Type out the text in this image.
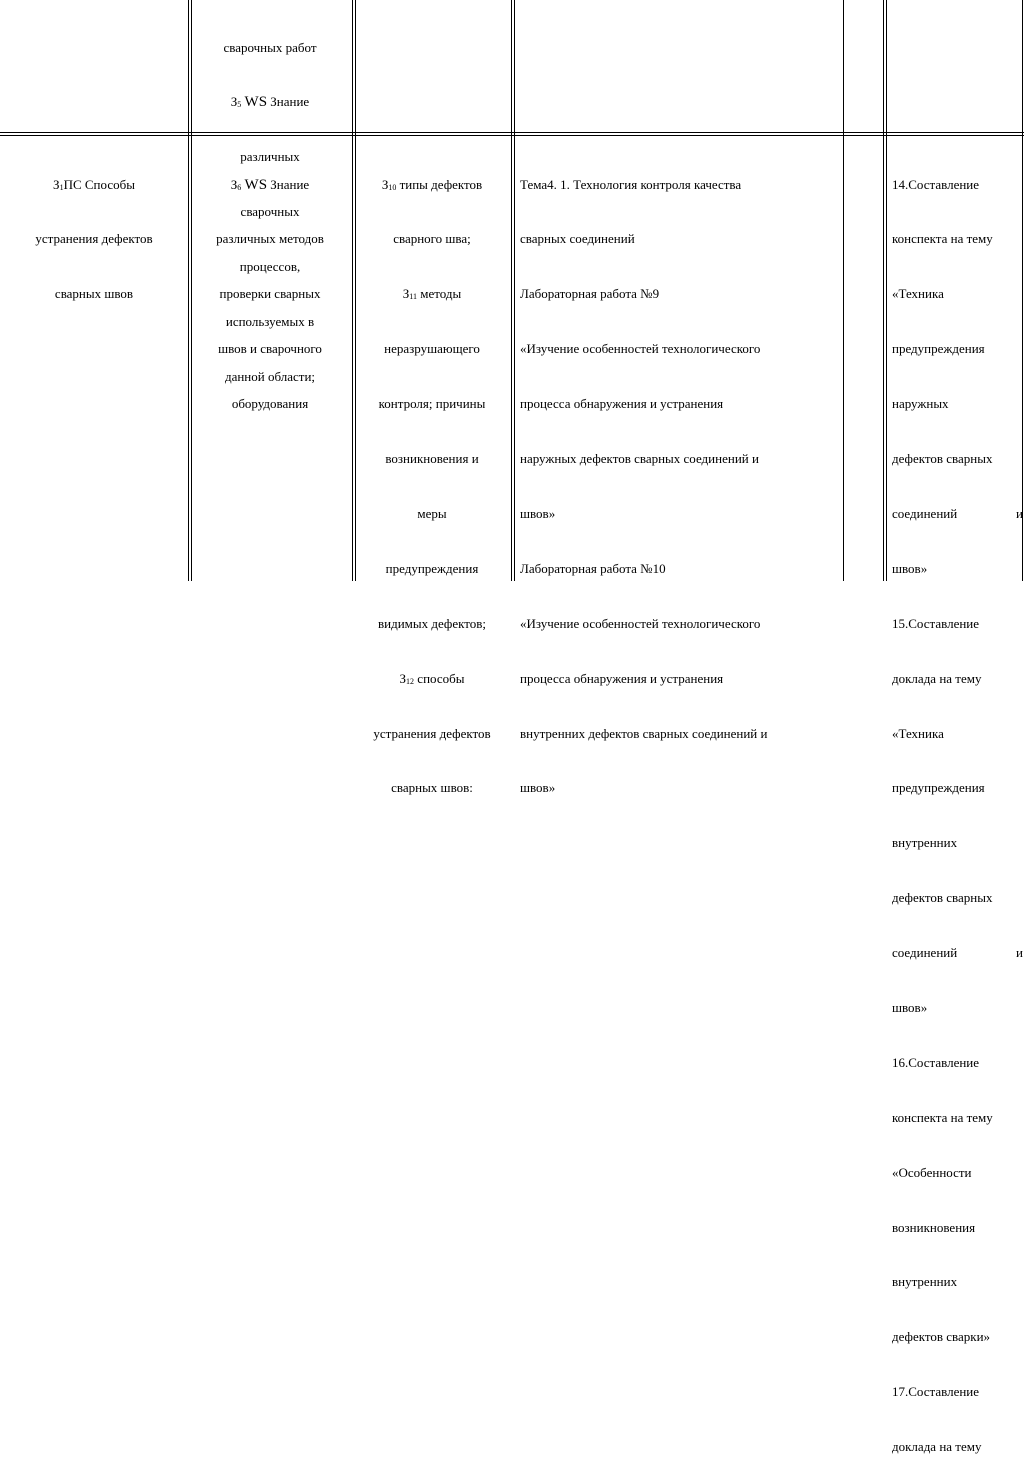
сварочных работ

$З_5$ WS Знание

различных

сварочных

процессов,

используемых в

данной области;

$З_1ПС$ Способы

устранения дефектов

сварных швов

$З_6$ WS Знание

различных методов

проверки сварных

швов и сварочного

оборудования

$З_{10}$ типы дефектов

сварного шва;

$З_{11}$ методы

неразрушающего

контроля; причины

возникновения и

меры

предупреждения

видимых дефектов;

$З_{12}$ способы

устранения дефектов

сварных швов:

Тема4. 1. Технология контроля качества

сварных соединений

Лабораторная работа №9

«Изучение особенностей технологического

процесса обнаружения и устранения

наружных дефектов сварных соединений и

швов»

Лабораторная работа №10

«Изучение особенностей технологического

процесса обнаружения и устранения

внутренних дефектов сварных соединений и

швов»

14.Составление

конспекта на тему

«Техника

предупреждения

наружных

дефектов сварных

соединений	и

швов»

15.Составление

доклада на тему

«Техника

предупреждения

внутренних

дефектов сварных

соединений	и

швов»

16.Составление

конспекта на тему

«Особенности

возникновения

внутренних

дефектов сварки»

17.Составление

доклада на тему
